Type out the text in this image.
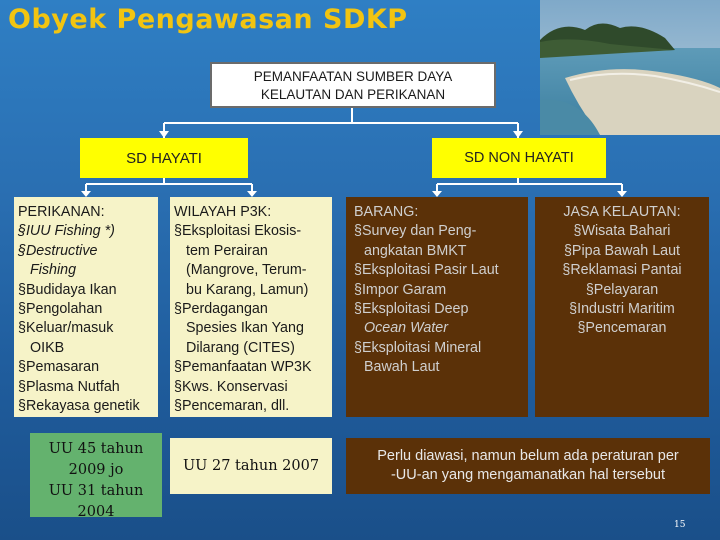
Obyek Pengawasan SDKP
PEMANFAATAN SUMBER DAYA
KELAUTAN DAN PERIKANAN
SD HAYATI	SD NON HAYATI
PERIKANAN:
§IUU Fishing *)
§Destructive
Fishing
§Budidaya Ikan
§Pengolahan
§Keluar/masuk
OIKB
§Pemasaran
§Plasma Nutfah
§Rekayasa genetik
WILAYAH P3K:
§Eksploitasi Ekosis-
tem Perairan
(Mangrove, Terum-
bu Karang, Lamun)
§Perdagangan
Spesies Ikan Yang
Dilarang (CITES)
§Pemanfaatan WP3K
§Kws. Konservasi
§Pencemaran, dll.
BARANG:
§Survey dan Peng-
angkatan BMKT
§Eksploitasi Pasir Laut
§Impor Garam
§Eksploitasi Deep
Ocean Water
§Eksploitasi Mineral
Bawah Laut
JASA KELAUTAN:
§Wisata Bahari
§Pipa Bawah Laut
§Reklamasi Pantai
§Pelayaran
§Industri Maritim
§Pencemaran
UU 45 tahun
2009 jo
UU 31 tahun
2004
UU 27 tahun 2007
Perlu diawasi, namun belum ada peraturan per
-UU-an yang mengamanatkan hal tersebut
15
